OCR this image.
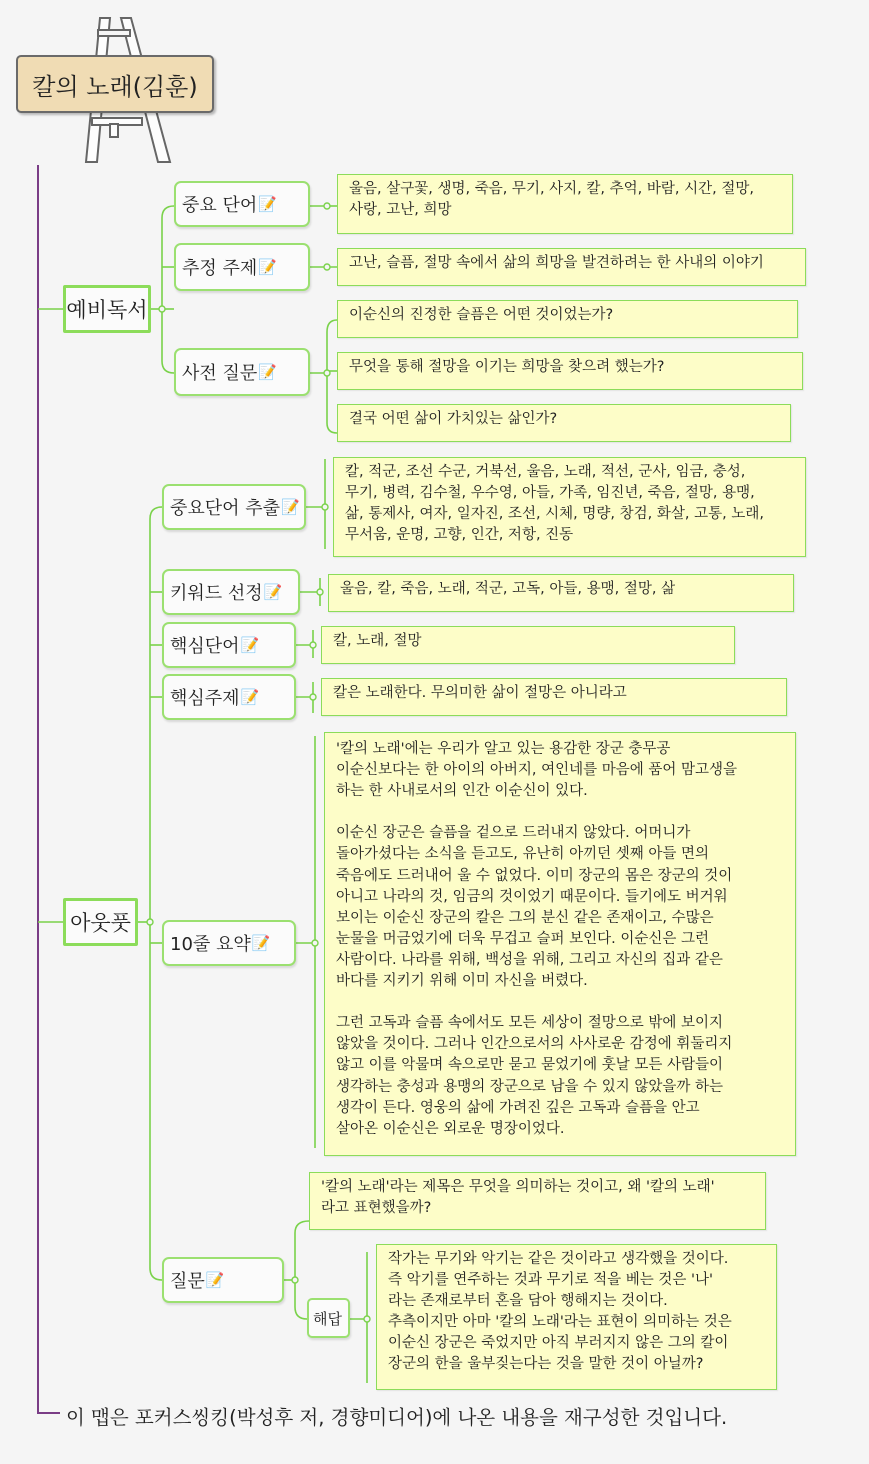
칼의 노래(김훈)
예비독서
중요 단어 📝
울음, 살구꽃, 생명, 죽음, 무기, 사지, 칼, 추억, 바람, 시간, 절망,
사랑, 고난, 희망
추정 주제 📝	고난, 슬픔, 절망 속에서 삶의 희망을 발견하려는 한 사내의 이야기
사전 질문 📝
이순신의 진정한 슬픔은 어떤 것이었는가?
무엇을 통해 절망을 이기는 희망을 찾으려 했는가?
결국 어떤 삶이 가치있는 삶인가?
아웃풋
중요단어 추출 📝
칼, 적군, 조선 수군, 거북선, 울음, 노래, 적선, 군사, 임금, 충성,
무기, 병력, 김수철, 우수영, 아들, 가족, 임진년, 죽음, 절망, 용맹,
삶, 통제사, 여자, 일자진, 조선, 시체, 명량, 창검, 화살, 고통, 노래,
무서움, 운명, 고향, 인간, 저항, 진동
키워드 선정 📝	울음, 칼, 죽음, 노래, 적군, 고독, 아들, 용맹, 절망, 삶
핵심단어 📝	칼, 노래, 절망
핵심주제 📝	칼은 노래한다. 무의미한 삶이 절망은 아니라고
10줄 요약 📝
'칼의 노래'에는 우리가 알고 있는 용감한 장군 충무공
이순신보다는 한 아이의 아버지, 여인네를 마음에 품어 맘고생을
하는 한 사내로서의 인간 이순신이 있다.

이순신 장군은 슬픔을 겉으로 드러내지 않았다. 어머니가
돌아가셨다는 소식을 듣고도, 유난히 아끼던 셋째 아들 면의
죽음에도 드러내어 울 수 없었다. 이미 장군의 몸은 장군의 것이
아니고 나라의 것, 임금의 것이었기 때문이다. 들기에도 버거워
보이는 이순신 장군의 칼은 그의 분신 같은 존재이고, 수많은
눈물을 머금었기에 더욱 무겁고 슬퍼 보인다. 이순신은 그런
사람이다. 나라를 위해, 백성을 위해, 그리고 자신의 집과 같은
바다를 지키기 위해 이미 자신을 버렸다.

그런 고독과 슬픔 속에서도 모든 세상이 절망으로 밖에 보이지
않았을 것이다. 그러나 인간으로서의 사사로운 감정에 휘둘리지
않고 이를 악물며 속으로만 묻고 묻었기에 훗날 모든 사람들이
생각하는 충성과 용맹의 장군으로 남을 수 있지 않았을까 하는
생각이 든다. 영웅의 삶에 가려진 깊은 고독과 슬픔을 안고
살아온 이순신은 외로운 명장이었다.
질문 📝
'칼의 노래'라는 제목은 무엇을 의미하는 것이고, 왜 '칼의 노래'
라고 표현했을까?
해답
작가는 무기와 악기는 같은 것이라고 생각했을 것이다.
즉 악기를 연주하는 것과 무기로 적을 베는 것은 '나'
라는 존재로부터 혼을 담아 행해지는 것이다.
추측이지만 아마 '칼의 노래'라는 표현이 의미하는 것은
이순신 장군은 죽었지만 아직 부러지지 않은 그의 칼이
장군의 한을 울부짖는다는 것을 말한 것이 아닐까?
이 맵은 포커스씽킹(박성후 저, 경향미디어)에 나온 내용을 재구성한 것입니다.
